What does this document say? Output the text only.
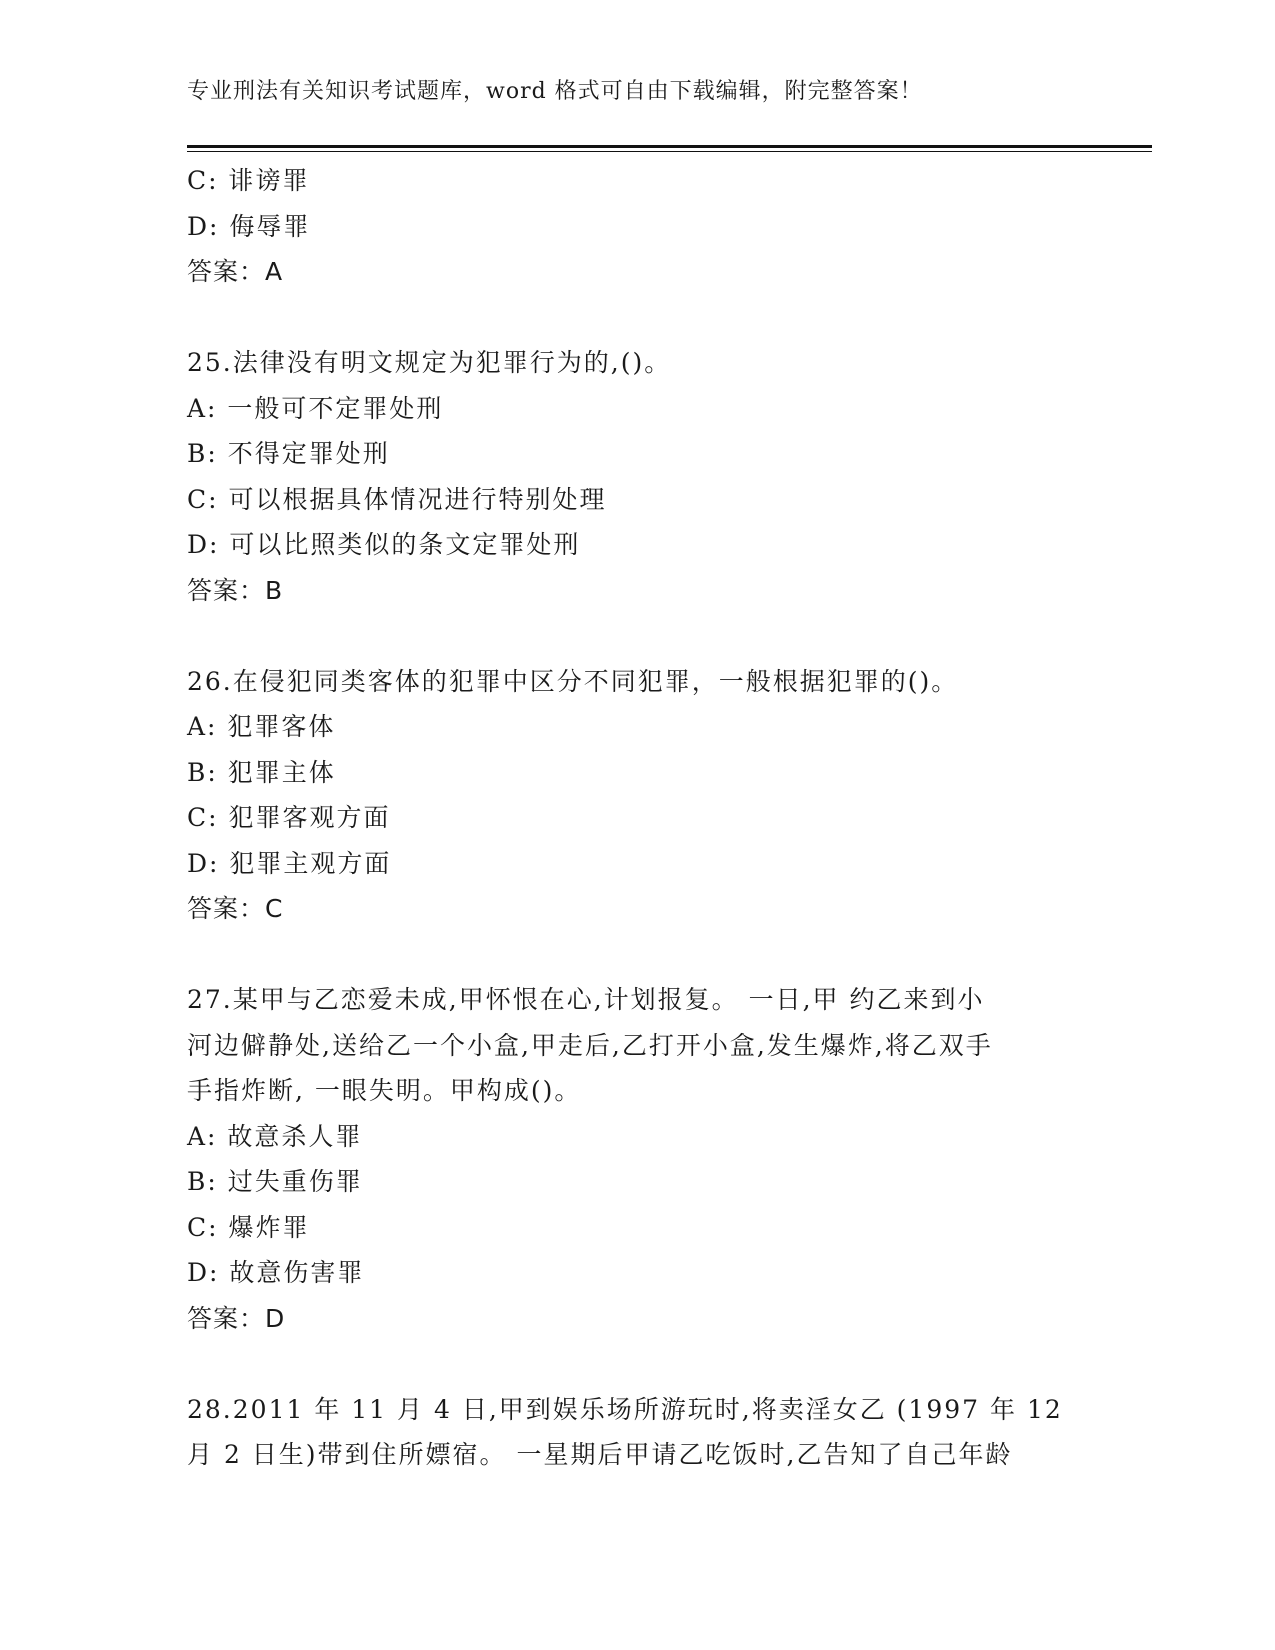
专业刑法有关知识考试题库，word 格式可自由下载编辑，附完整答案！
C: 诽谤罪
D: 侮辱罪
答案：A
25.法律没有明文规定为犯罪行为的,()。
A: 一般可不定罪处刑
B: 不得定罪处刑
C: 可以根据具体情况进行特别处理
D: 可以比照类似的条文定罪处刑
答案：B
26.在侵犯同类客体的犯罪中区分不同犯罪，一般根据犯罪的()。
A: 犯罪客体
B: 犯罪主体
C: 犯罪客观方面
D: 犯罪主观方面
答案：C
27.某甲与乙恋爱未成,甲怀恨在心,计划报复。 一日,甲 约乙来到小
河边僻静处,送给乙一个小盒,甲走后,乙打开小盒,发生爆炸,将乙双手
手指炸断, 一眼失明。甲构成()。
A: 故意杀人罪
B: 过失重伤罪
C: 爆炸罪
D: 故意伤害罪
答案：D
28.2011 年 11 月 4 日,甲到娱乐场所游玩时,将卖淫女乙 (1997 年 12
月 2 日生)带到住所嫖宿。 一星期后甲请乙吃饭时,乙告知了自己年龄
